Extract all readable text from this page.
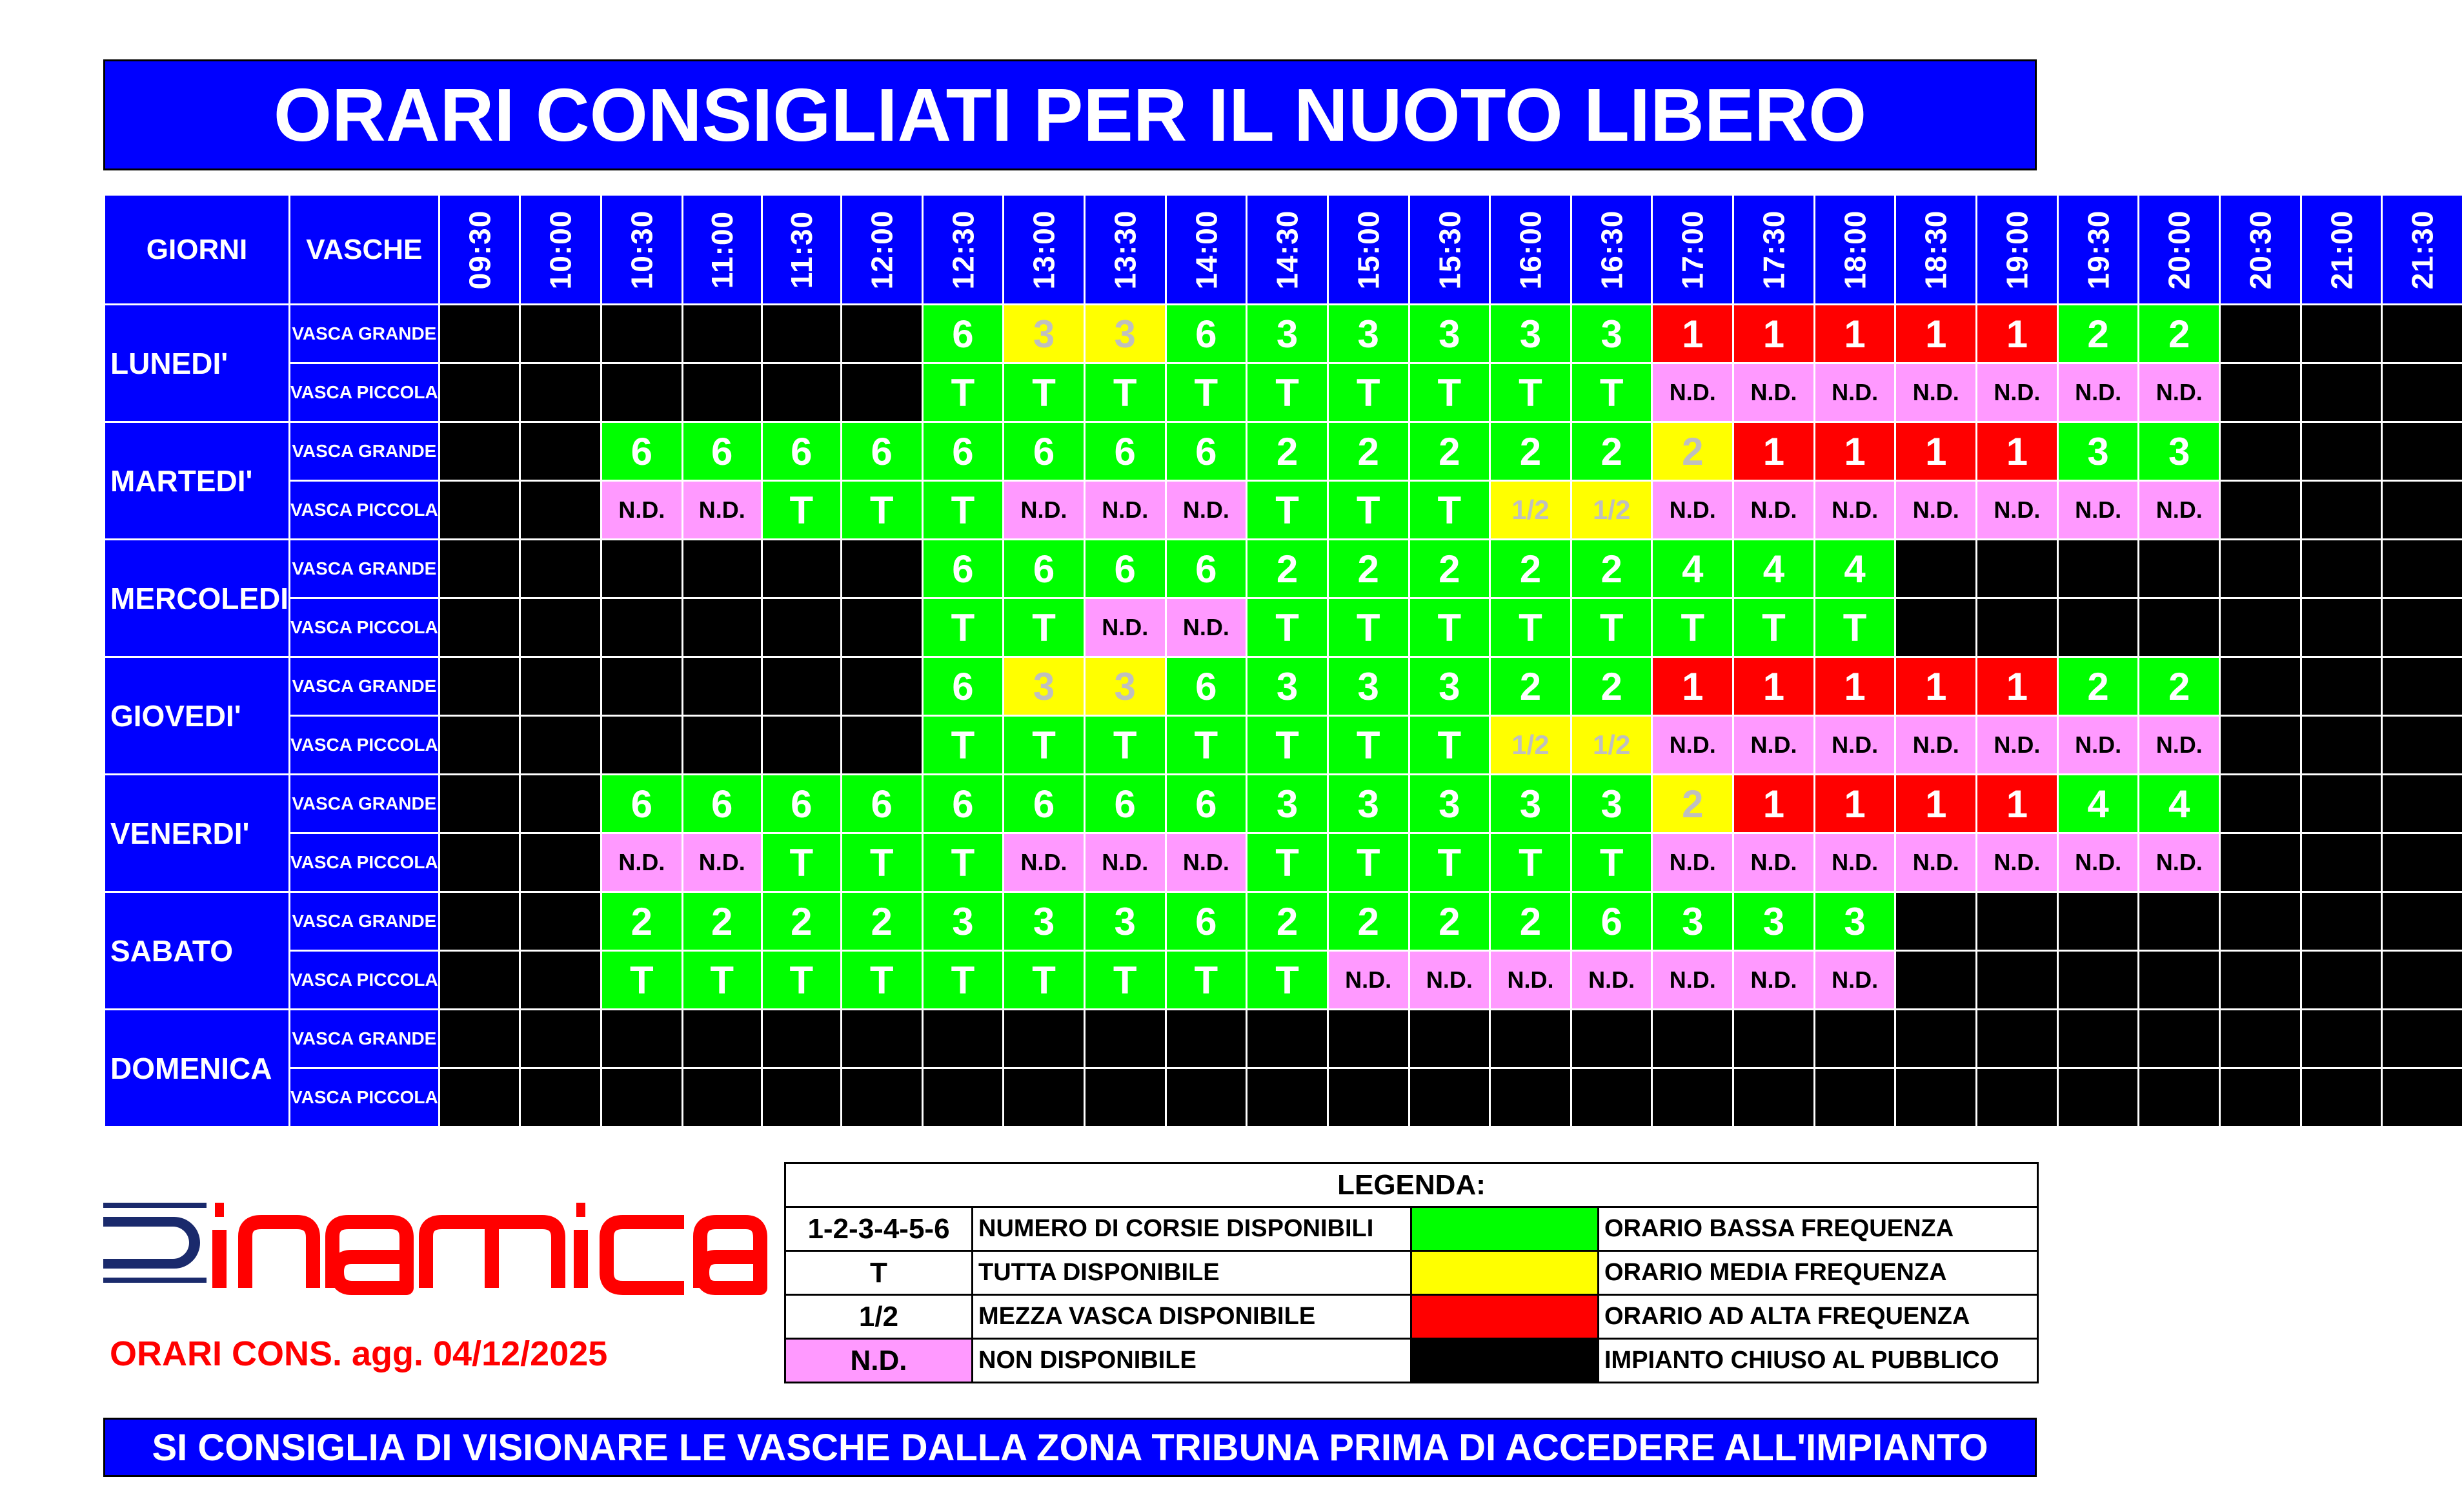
ORARI CONSIGLIATI PER IL NUOTO LIBERO
GIORNI	VASCHE	09:30	10:00	10:30	11:00	11:30	12:00	12:30	13:00	13:30	14:00	14:30	15:00	15:30	16:00	16:30	17:00	17:30	18:00	18:30	19:00	19:30	20:00	20:30	21:00	21:30
LUNEDI'	VASCA GRANDE							6	3	3	6	3	3	3	3	3	1	1	1	1	1	2	2			
	VASCA PICCOLA							T	T	T	T	T	T	T	T	T	N.D.	N.D.	N.D.	N.D.	N.D.	N.D.	N.D.			
MARTEDI'	VASCA GRANDE			6	6	6	6	6	6	6	6	2	2	2	2	2	2	1	1	1	1	3	3			
	VASCA PICCOLA			N.D.	N.D.	T	T	T	N.D.	N.D.	N.D.	T	T	T	1/2	1/2	N.D.	N.D.	N.D.	N.D.	N.D.	N.D.	N.D.			
MERCOLEDI	VASCA GRANDE							6	6	6	6	2	2	2	2	2	4	4	4							
	VASCA PICCOLA							T	T	N.D.	N.D.	T	T	T	T	T	T	T	T							
GIOVEDI'	VASCA GRANDE							6	3	3	6	3	3	3	2	2	1	1	1	1	1	2	2			
	VASCA PICCOLA							T	T	T	T	T	T	T	1/2	1/2	N.D.	N.D.	N.D.	N.D.	N.D.	N.D.	N.D.			
VENERDI'	VASCA GRANDE			6	6	6	6	6	6	6	6	3	3	3	3	3	2	1	1	1	1	4	4			
	VASCA PICCOLA			N.D.	N.D.	T	T	T	N.D.	N.D.	N.D.	T	T	T	T	T	N.D.	N.D.	N.D.	N.D.	N.D.	N.D.	N.D.			
SABATO	VASCA GRANDE			2	2	2	2	3	3	3	6	2	2	2	2	6	3	3	3							
	VASCA PICCOLA			T	T	T	T	T	T	T	T	T	N.D.	N.D.	N.D.	N.D.	N.D.	N.D.	N.D.							
DOMENICA	VASCA GRANDE																									
	VASCA PICCOLA																									
ORARI CONS. agg. 04/12/2025
LEGENDA:			
1-2-3-4-5-6	NUMERO DI CORSIE DISPONIBILI		ORARIO BASSA FREQUENZA
T	TUTTA DISPONIBILE		ORARIO MEDIA FREQUENZA
1/2	MEZZA VASCA DISPONIBILE		ORARIO AD ALTA FREQUENZA
N.D.	NON DISPONIBILE		IMPIANTO CHIUSO AL PUBBLICO
SI CONSIGLIA DI VISIONARE LE VASCHE DALLA ZONA TRIBUNA PRIMA DI ACCEDERE ALL'IMPIANTO
